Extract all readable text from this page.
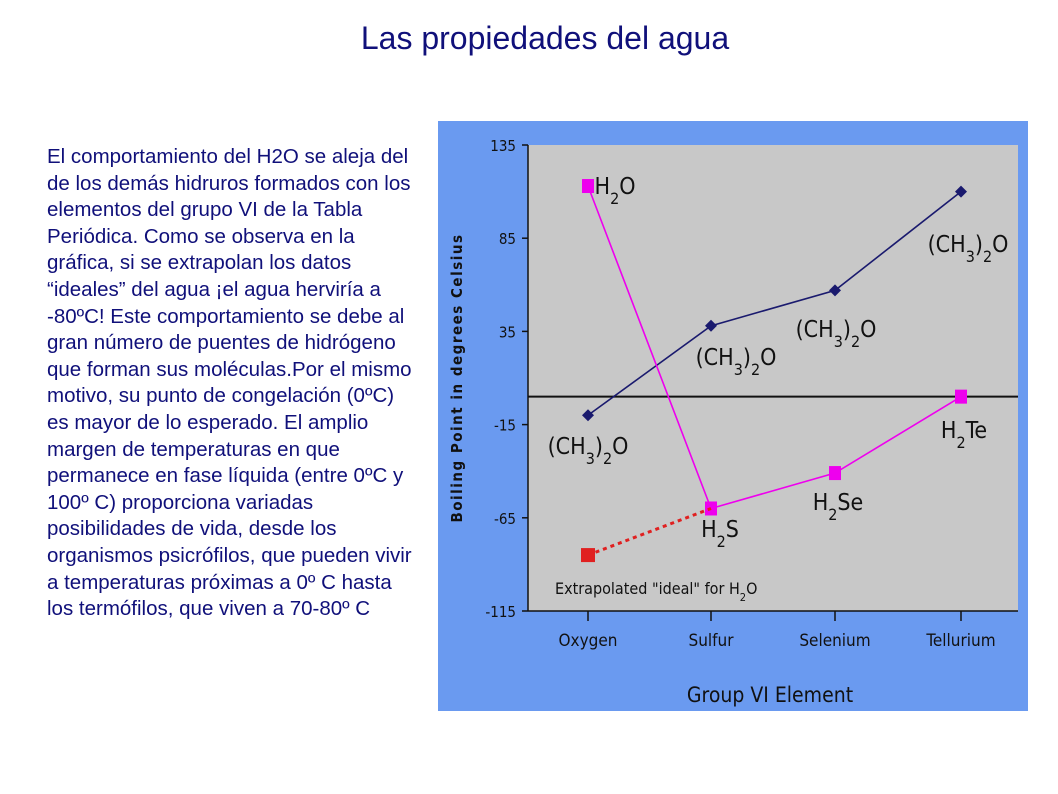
Las propiedades del agua
El comportamiento del H2O se aleja del de los demás hidruros formados con los elementos del grupo VI de la Tabla Periódica. Como se observa en la gráfica, si se extrapolan los datos “ideales” del agua ¡el agua herviría a -80ºC! Este comportamiento se debe al gran número de puentes de hidrógeno que forman sus moléculas.Por el mismo motivo, su punto de congelación (0ºC) es mayor de lo esperado. El amplio margen de temperaturas en que permanece en fase líquida (entre 0ºC y 100º C) proporciona variadas posibilidades de vida, desde los organismos psicrófilos, que pueden vivir a temperaturas próximas a 0º C hasta los termófilos, que viven a 70-80º C
135
85
35
-15
-65
-115
Oxygen	Sulfur	Selenium	Tellurium
Group VI Element
Boiling Point in degrees Celsius	$(CH_3)_2O$
$(CH_3)_2O$
$(CH_3)_2O$
$(CH_3)_2O$
$H_2O$
$H_2S$
$H_2Se$
$H_2Te$
Extrapolated "ideal" for $H_2O$
